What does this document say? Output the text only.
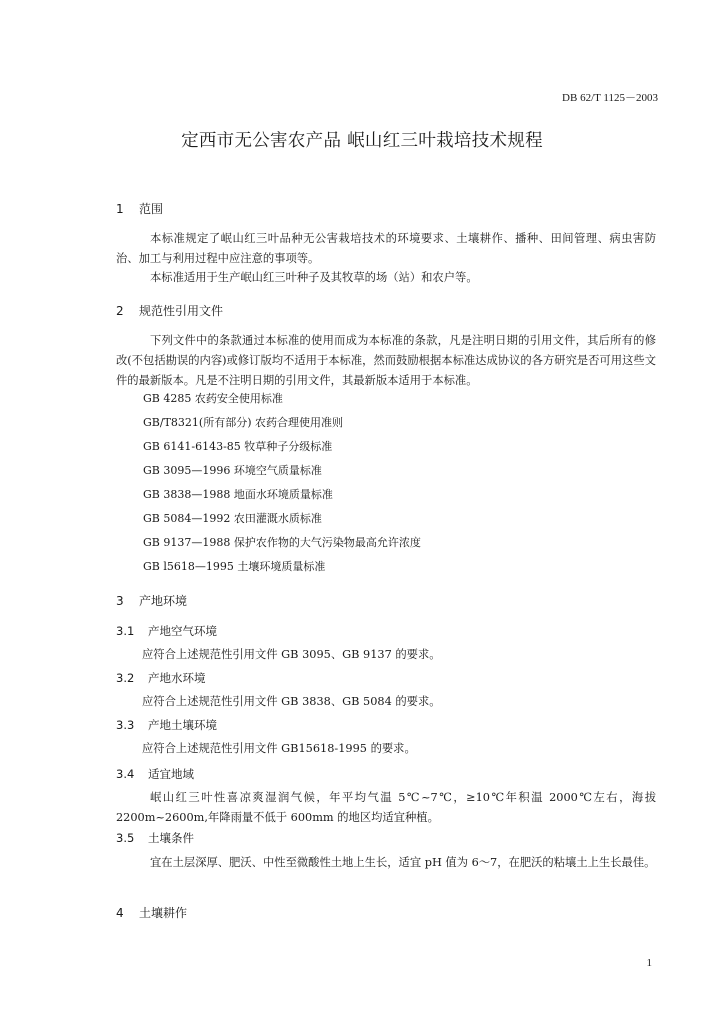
DB 62/T 1125－2003
定西市无公害农产品 岷山红三叶栽培技术规程
1 范围
本标准规定了岷山红三叶品种无公害栽培技术的环境要求、土壤耕作、播种、田间管理、病虫害防治、加工与利用过程中应注意的事项等。
本标准适用于生产岷山红三叶种子及其牧草的场（站）和农户等。
2 规范性引用文件
下列文件中的条款通过本标准的使用而成为本标准的条款，凡是注明日期的引用文件，其后所有的修改(不包括勘误的内容)或修订版均不适用于本标准，然而鼓励根据本标准达成协议的各方研究是否可用这些文件的最新版本。凡是不注明日期的引用文件，其最新版本适用于本标准。
GB 4285 农药安全使用标准
GB/T8321(所有部分) 农药合理使用准则
GB 6141-6143-85 牧草种子分级标准
GB 3095—1996 环境空气质量标准
GB 3838—1988 地面水环境质量标准
GB 5084—1992 农田灌溉水质标准
GB 9137—1988 保护农作物的大气污染物最高允许浓度
GB l5618—1995 土壤环境质量标准
3 产地环境
3.1 产地空气环境
应符合上述规范性引用文件 GB 3095、GB 9137 的要求。
3.2 产地水环境
应符合上述规范性引用文件 GB 3838、GB 5084 的要求。
3.3 产地土壤环境
应符合上述规范性引用文件 GB15618-1995 的要求。
3.4 适宜地域
岷山红三叶性喜凉爽湿润气候，年平均气温 5℃~7℃，≥10℃年积温 2000℃左右，海拔 2200m~2600m,年降雨量不低于 600mm 的地区均适宜种植。
3.5 土壤条件
宜在土层深厚、肥沃、中性至微酸性土地上生长，适宜 pH 值为 6～7，在肥沃的粘壤土上生长最佳。
4 土壤耕作
1
